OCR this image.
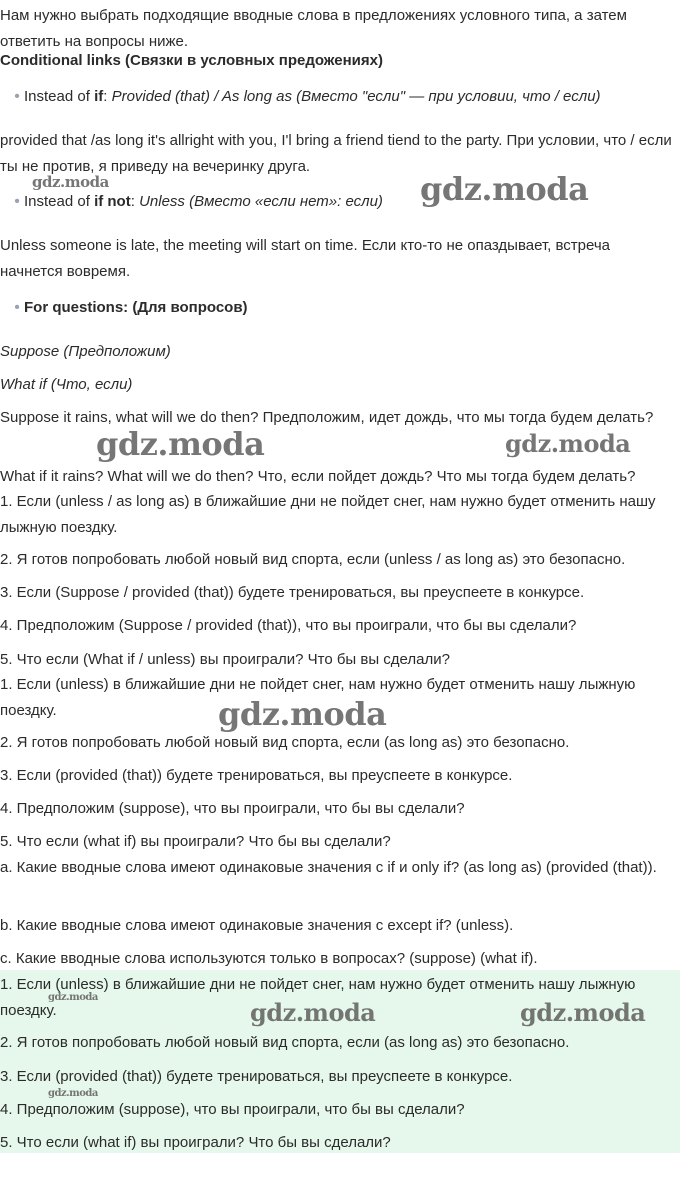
Нам нужно выбрать подходящие вводные слова в предложениях условного типа, а затем ответить на вопросы ниже.

Conditional links (Связки в условных предожениях)

• Instead of if: Provided (that) / As long as (Вместо "если" — при условии, что / если)

provided that /as long it's allright with you, I'l bring a friend tiend to the party. При условии, что / если ты не против, я приведу на вечеринку друга.

• Instead of if not: Unless (Вместо «если нет»: если)

Unless someone is late, the meeting will start on time. Если кто-то не опаздывает, встреча начнется вовремя.

• For questions: (Для вопросов)

Suppose (Предположим)

What if (Что, если)

Suppose it rains, what will we do then? Предположим, идет дождь, что мы тогда будем делать?

What if it rains? What will we do then? Что, если пойдет дождь? Что мы тогда будем делать?

1. Если (unless / as long as) в ближайшие дни не пойдет снег, нам нужно будет отменить нашу лыжную поездку.

2. Я готов попробовать любой новый вид спорта, если (unless / as long as) это безопасно.

3. Если (Suppose / provided (that)) будете тренироваться, вы преуспеете в конкурсе.

4. Предположим (Suppose / provided (that)), что вы проиграли, что бы вы сделали?

5. Что если (What if / unless) вы проиграли? Что бы вы сделали?

1. Если (unless) в ближайшие дни не пойдет снег, нам нужно будет отменить нашу лыжную поездку.

2. Я готов попробовать любой новый вид спорта, если (as long as) это безопасно.

3. Если (provided (that)) будете тренироваться, вы преуспеете в конкурсе.

4. Предположим (suppose), что вы проиграли, что бы вы сделали?

5. Что если (what if) вы проиграли? Что бы вы сделали?

a. Какие вводные слова имеют одинаковые значения с if и only if? (as long as) (provided (that)).

b. Какие вводные слова имеют одинаковые значения с except if? (unless).

c. Какие вводные слова используются только в вопросах? (suppose) (what if).

1. Если (unless) в ближайшие дни не пойдет снег, нам нужно будет отменить нашу лыжную поездку.

2. Я готов попробовать любой новый вид спорта, если (as long as) это безопасно.

3. Если (provided (that)) будете тренироваться, вы преуспеете в конкурсе.

4. Предположим (suppose), что вы проиграли, что бы вы сделали?

5. Что если (what if) вы проиграли? Что бы вы сделали?

gdz.moda	gdz.moda
gdz.moda	gdz.moda
gdz.moda
gdz.moda
gdz.moda	gdz.moda
gdz.moda
